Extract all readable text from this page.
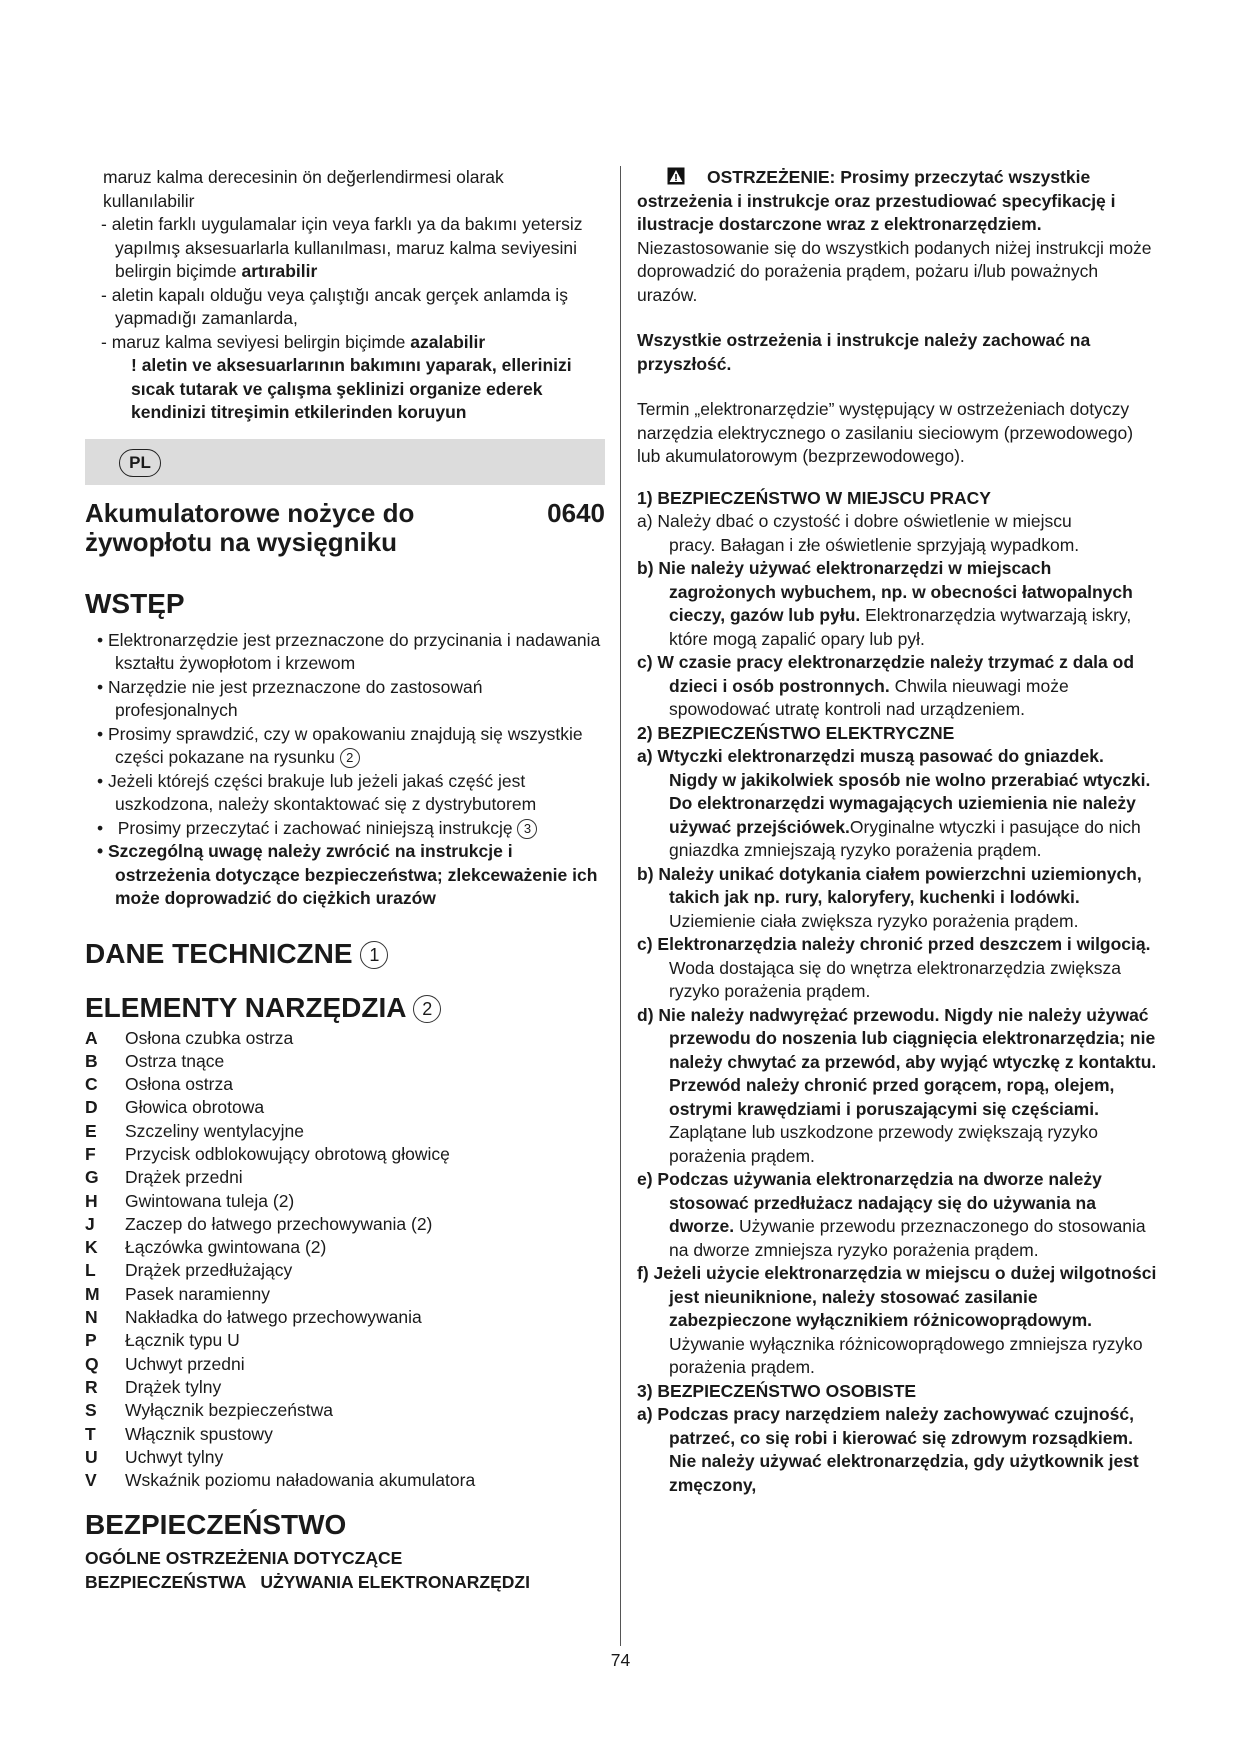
maruz kalma derecesinin ön değerlendirmesi olarak
kullanılabilir
- aletin farklı uygulamalar için veya farklı ya da bakımı yetersiz yapılmış aksesuarlarla kullanılması, maruz kalma seviyesini belirgin biçimde artırabilir
- aletin kapalı olduğu veya çalıştığı ancak gerçek anlamda iş yapmadığı zamanlarda,
- maruz kalma seviyesi belirgin biçimde azalabilir
! aletin ve aksesuarlarının bakımını yaparak, ellerinizi sıcak tutarak ve çalışma şeklinizi organize ederek kendinizi titreşimin etkilerinden koruyun
PL
Akumulatorowe nożyce do żywopłotu na wysięgniku
0640
WSTĘP
• Elektronarzędzie jest przeznaczone do przycinania i nadawania kształtu żywopłotom i krzewom
• Narzędzie nie jest przeznaczone do zastosowań profesjonalnych
• Prosimy sprawdzić, czy w opakowaniu znajdują się wszystkie części pokazane na rysunku 2
• Jeżeli którejś części brakuje lub jeżeli jakaś część jest uszkodzona, należy skontaktować się z dystrybutorem
•   Prosimy przeczytać i zachować niniejszą instrukcję 3
• Szczególną uwagę należy zwrócić na instrukcje i ostrzeżenia dotyczące bezpieczeństwa; zlekceważenie ich może doprowadzić do ciężkich urazów
DANE TECHNICZNE 1
ELEMENTY NARZĘDZIA 2
A	Osłona czubka ostrza
B	Ostrza tnące
C	Osłona ostrza
D	Głowica obrotowa
E	Szczeliny wentylacyjne
F	Przycisk odblokowujący obrotową głowicę
G	Drążek przedni
H	Gwintowana tuleja (2)
J	Zaczep do łatwego przechowywania (2)
K	Łączówka gwintowana (2)
L	Drążek przedłużający
M	Pasek naramienny
N	Nakładka do łatwego przechowywania
P	Łącznik typu U
Q	Uchwyt przedni
R	Drążek tylny
S	Wyłącznik bezpieczeństwa
T	Włącznik spustowy
U	Uchwyt tylny
V	Wskaźnik poziomu naładowania akumulatora
BEZPIECZEŃSTWO
OGÓLNE OSTRZEŻENIA DOTYCZĄCE
BEZPIECZEŃSTWA   UŻYWANIA ELEKTRONARZĘDZI
OSTRZEŻENIE: Prosimy przeczytać wszystkie ostrzeżenia i instrukcje oraz przestudiować specyfikację i ilustracje dostarczone wraz z elektronarzędziem. Niezastosowanie się do wszystkich podanych niżej instrukcji może doprowadzić do porażenia prądem, pożaru i/lub poważnych urazów.
Wszystkie ostrzeżenia i instrukcje należy zachować na przyszłość.
Termin „elektronarzędzie” występujący w ostrzeżeniach dotyczy narzędzia elektrycznego o zasilaniu sieciowym (przewodowego) lub akumulatorowym (bezprzewodowego).
1) BEZPIECZEŃSTWO W MIEJSCU PRACY
a) Należy dbać o czystość i dobre oświetlenie w miejscu
pracy. Bałagan i złe oświetlenie sprzyjają wypadkom.
b) Nie należy używać elektronarzędzi w miejscach zagrożonych wybuchem, np. w obecności łatwopalnych cieczy, gazów lub pyłu. Elektronarzędzia wytwarzają iskry, które mogą zapalić opary lub pył.
c) W czasie pracy elektronarzędzie należy trzymać z dala od dzieci i osób postronnych. Chwila nieuwagi może spowodować utratę kontroli nad urządzeniem.
2) BEZPIECZEŃSTWO ELEKTRYCZNE
a) Wtyczki elektronarzędzi muszą pasować do gniazdek. Nigdy w jakikolwiek sposób nie wolno przerabiać wtyczki. Do elektronarzędzi wymagających uziemienia nie należy używać przejściówek.Oryginalne wtyczki i pasujące do nich gniazdka zmniejszają ryzyko porażenia prądem.
b) Należy unikać dotykania ciałem powierzchni uziemionych, takich jak np. rury, kaloryfery, kuchenki i lodówki. Uziemienie ciała zwiększa ryzyko porażenia prądem.
c) Elektronarzędzia należy chronić przed deszczem i wilgocią. Woda dostająca się do wnętrza elektronarzędzia zwiększa ryzyko porażenia prądem.
d) Nie należy nadwyrężać przewodu. Nigdy nie należy używać przewodu do noszenia lub ciągnięcia elektronarzędzia; nie należy chwytać za przewód, aby wyjąć wtyczkę z kontaktu. Przewód należy chronić przed gorącem, ropą, olejem, ostrymi krawędziami i poruszającymi się częściami. Zaplątane lub uszkodzone przewody zwiększają ryzyko porażenia prądem.
e) Podczas używania elektronarzędzia na dworze należy stosować przedłużacz nadający się do używania na dworze. Używanie przewodu przeznaczonego do stosowania na dworze zmniejsza ryzyko porażenia prądem.
f) Jeżeli użycie elektronarzędzia w miejscu o dużej wilgotności jest nieuniknione, należy stosować zasilanie zabezpieczone wyłącznikiem różnicowoprądowym. Używanie wyłącznika różnicowoprądowego zmniejsza ryzyko porażenia prądem.
3) BEZPIECZEŃSTWO OSOBISTE
a) Podczas pracy narzędziem należy zachowywać czujność, patrzeć, co się robi i kierować się zdrowym rozsądkiem. Nie należy używać elektronarzędzia, gdy użytkownik jest zmęczony,
74
